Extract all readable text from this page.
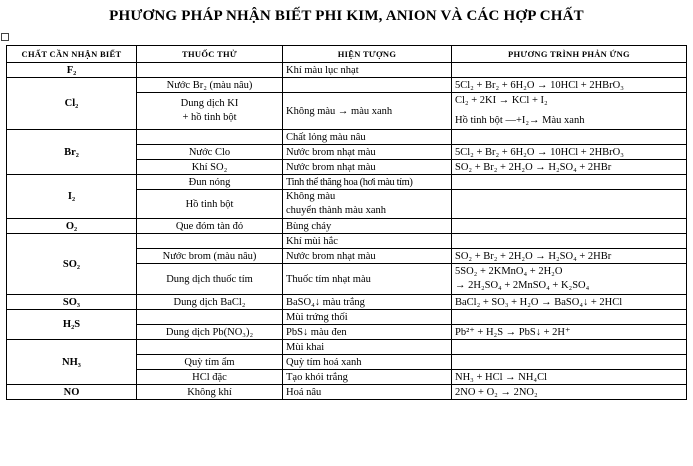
PHƯƠNG PHÁP NHẬN BIẾT PHI KIM, ANION VÀ CÁC HỢP CHẤT
CHẤT CẦN NHẬN BIẾT	THUỐC THỬ	HIỆN TƯỢNG	PHƯƠNG TRÌNH PHẢN ỨNG
F₂		Khí màu lục nhạt	
Cl₂	Nước Br₂ (màu nâu)		5Cl₂ + Br₂ + 6H₂O → 10HCl + 2HBrO₃

	Dung dịch KI
+ hồ tinh bột	Không màu → màu xanh	Cl₂ + 2KI → KCl + I₂
Hồ tinh bột —+I₂→ Màu xanh

Br₂		Chất lỏng màu nâu	
	Nước Clo	Nước brom nhạt màu	5Cl₂ + Br₂ + 6H₂O → 10HCl + 2HBrO₃
	Khí SO₂	Nước brom nhạt màu	SO₂ + Br₂ + 2H₂O → H₂SO₄ + 2HBr
I₂	Đun nóng	Tinh thể thăng hoa (hơi màu tím)	
	Hồ tinh bột	Không màu
chuyển thành màu xanh	

O₂	Que đóm tàn đỏ	Bùng cháy	
SO₂		Khí mùi hắc	
	Nước brom (màu nâu)	Nước brom nhạt màu	SO₂ + Br₂ + 2H₂O → H₂SO₄ + 2HBr
	Dung dịch thuốc tím	Thuốc tím nhạt màu	5SO₂ + 2KMnO₄ + 2H₂O
→ 2H₂SO₄ + 2MnSO₄ + K₂SO₄

SO₃	Dung dịch BaCl₂	BaSO₄↓ màu trắng	BaCl₂ + SO₃ + H₂O → BaSO₄↓ + 2HCl
H₂S		Mùi trứng thối	
	Dung dịch Pb(NO₃)₂	PbS↓ màu đen	Pb²⁺ + H₂S → PbS↓ + 2H⁺
NH₃		Mùi khai	
	Quỳ tím ẩm	Quỳ tím hoá xanh	
	HCl đặc	Tạo khói trắng	NH₃ + HCl → NH₄Cl
NO	Không khí	Hoá nâu	2NO + O₂ → 2NO₂
